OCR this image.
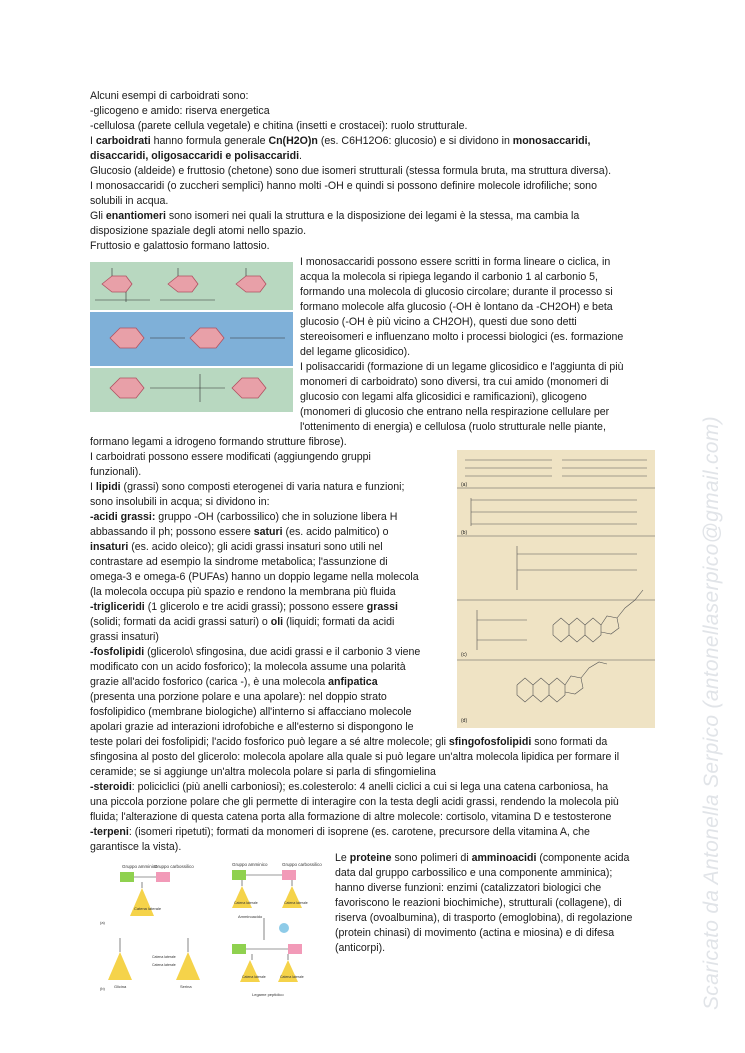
Alcuni esempi di carboidrati sono:
-glicogeno e amido: riserva energetica
-cellulosa (parete cellula vegetale) e chitina (insetti e crostacei): ruolo strutturale.
I carboidrati hanno formula generale Cn(H2O)n (es. C6H12O6: glucosio) e si dividono in monosaccaridi,
disaccaridi, oligosaccaridi e polisaccaridi.
Glucosio (aldeide) e fruttosio (chetone) sono due isomeri strutturali (stessa formula bruta, ma struttura diversa).
I monosaccaridi (o zuccheri semplici) hanno molti -OH e quindi si possono definire molecole idrofiliche; sono
solubili in acqua.
Gli enantiomeri sono isomeri nei quali la struttura e la disposizione dei legami è la stessa, ma cambia la
disposizione spaziale degli atomi nello spazio.
Fruttosio e galattosio formano lattosio.
I monosaccaridi possono essere scritti in forma lineare o ciclica, in
acqua la molecola si ripiega legando il carbonio 1 al carbonio 5,
formando una molecola di glucosio circolare; durante il processo si
formano molecole alfa glucosio (-OH è lontano da -CH2OH) e beta
glucosio (-OH è più vicino a CH2OH), questi due sono detti
stereoisomeri e influenzano molto i processi biologici (es. formazione
del legame glicosidico).
I polisaccaridi (formazione di un legame glicosidico e l'aggiunta di più
monomeri di carboidrato) sono diversi, tra cui amido (monomeri di
glucosio con legami alfa glicosidici e ramificazioni), glicogeno
(monomeri di glucosio che entrano nella respirazione cellulare per
l'ottenimento di energia) e cellulosa (ruolo strutturale nelle piante,
formano legami a idrogeno formando strutture fibrose).
I carboidrati possono essere modificati (aggiungendo gruppi
funzionali).
I lipidi (grassi) sono composti eterogenei di varia natura e funzioni;
sono insolubili in acqua; si dividono in:
-acidi grassi: gruppo -OH (carbossilico) che in soluzione libera H
abbassando il ph; possono essere saturi (es. acido palmitico) o
insaturi (es. acido oleico); gli acidi grassi insaturi sono utili nel
contrastare ad esempio la sindrome metabolica; l'assunzione di
omega-3 e omega-6 (PUFAs) hanno un doppio legame nella molecola
(la molecola occupa più spazio e rendono la membrana più fluida
-trigliceridi (1 glicerolo e tre acidi grassi); possono essere grassi
(solidi; formati da acidi grassi saturi) o oli (liquidi; formati da acidi
grassi insaturi)
-fosfolipidi (glicerolo\ sfingosina, due acidi grassi e il carbonio 3 viene
modificato con un acido fosforico); la molecola assume una polarità
grazie all'acido fosforico (carica -), è una molecola anfipatica
(presenta una porzione polare e una apolare): nel doppio strato
fosfolipidico (membrane biologiche) all'interno si affacciano molecole
apolari grazie ad interazioni idrofobiche e all'esterno si dispongono le
(a)
(b)
(c)
(d)
teste polari dei fosfolipidi; l'acido fosforico può legare a sé altre molecole; gli sfingofosfolipidi sono formati da
sfingosina al posto del glicerolo: molecola apolare alla quale si può legare un'altra molecola lipidica per formare il
ceramide; se si aggiunge un'altra molecola polare si parla di sfingomielina
-steroidi: policiclici (più anelli carboniosi); es.colesterolo: 4 anelli ciclici a cui si lega una catena carboniosa, ha
una piccola porzione polare che gli permette di interagire con la testa degli acidi grassi, rendendo la molecola più
fluida; l'alterazione di questa catena porta alla formazione di altre molecole: cortisolo, vitamina D e testosterone
-terpeni: (isomeri ripetuti); formati da monomeri di isoprene (es. carotene, precursore della vitamina A, che
garantisce la vista).
Gruppo amminico
Gruppo carbossilico	Gruppo amminico	Gruppo carbossilico
Catena laterale
(a)
Glicina	Serina
(b)
Amminoacido
Catena laterale	Catena laterale
Catena laterale	Catena laterale
Catena laterale
Catena laterale
Legame peptidico
Le proteine sono polimeri di amminoacidi (componente acida
data dal gruppo carbossilico e una componente amminica);
hanno diverse funzioni: enzimi (catalizzatori biologici che
favoriscono le reazioni biochimiche), strutturali (collagene), di
riserva (ovoalbumina), di trasporto (emoglobina), di regolazione
(protein chinasi) di movimento (actina e miosina) e di difesa
(anticorpi).	Scaricato da Antonella Serpico (antonellaserpico@gmail.com)
